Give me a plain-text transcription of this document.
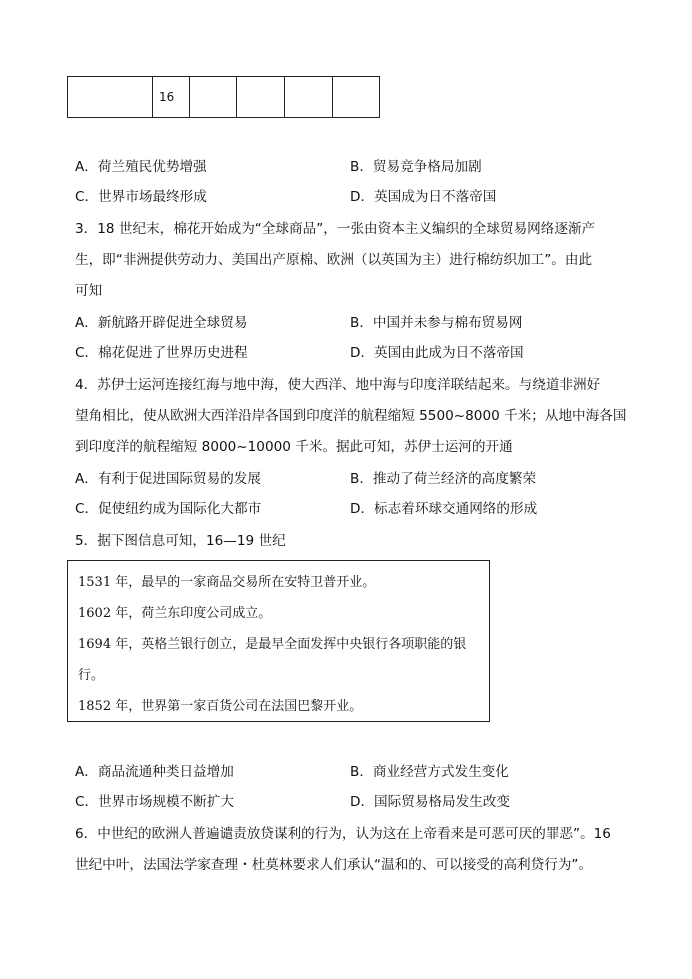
	16				
A．荷兰殖民优势增强	B．贸易竞争格局加剧
C．世界市场最终形成	D．英国成为日不落帝国
3．18 世纪末，棉花开始成为“全球商品”，一张由资本主义编织的全球贸易网络逐渐产
生，即“非洲提供劳动力、美国出产原棉、欧洲（以英国为主）进行棉纺织加工”。由此
可知
A．新航路开辟促进全球贸易	B．中国并未参与棉布贸易网
C．棉花促进了世界历史进程	D．英国由此成为日不落帝国
4．苏伊士运河连接红海与地中海，使大西洋、地中海与印度洋联结起来。与绕道非洲好
望角相比，使从欧洲大西洋沿岸各国到印度洋的航程缩短 5500~8000 千米；从地中海各国
到印度洋的航程缩短 8000~10000 千米。据此可知，苏伊士运河的开通
A．有利于促进国际贸易的发展	B．推动了荷兰经济的高度繁荣
C．促使纽约成为国际化大都市	D．标志着环球交通网络的形成
5．据下图信息可知，16—19 世纪
1531 年，最早的一家商品交易所在安特卫普开业。
1602 年，荷兰东印度公司成立。
1694 年，英格兰银行创立，是最早全面发挥中央银行各项职能的银
行。
1852 年，世界第一家百货公司在法国巴黎开业。
A．商品流通种类日益增加	B．商业经营方式发生变化
C．世界市场规模不断扩大	D．国际贸易格局发生改变
6．中世纪的欧洲人普遍谴责放贷谋利的行为，认为这在上帝看来是可恶可厌的罪恶”。16
世纪中叶，法国法学家查理・杜莫林要求人们承认“温和的、可以接受的高利贷行为”。
